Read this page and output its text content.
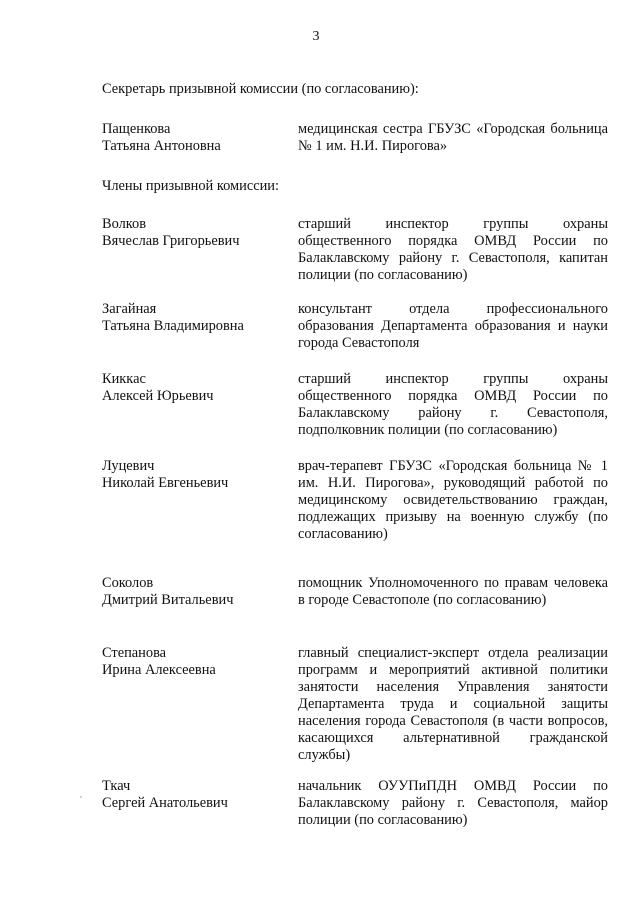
3
Секретарь призывной комиссии (по согласованию):
Пащенкова
Татьяна Антоновна
медицинская сестра ГБУЗС «Городская больница № 1 им. Н.И. Пирогова»
Члены призывной комиссии:
Волков
Вячеслав Григорьевич
старший инспектор группы охраны общественного порядка ОМВД России по Балаклавскому району г. Севастополя, капитан полиции (по согласованию)
Загайная
Татьяна Владимировна
консультант отдела профессионального образования Департамента образования и науки города Севастополя
Киккас
Алексей Юрьевич
старший инспектор группы охраны общественного порядка ОМВД России по Балаклавскому району г. Севастополя, подполковник полиции (по согласованию)
Луцевич
Николай Евгеньевич
врач-терапевт ГБУЗС «Городская больница № 1 им. Н.И. Пирогова», руководящий работой по медицинскому освидетельствованию граждан, подлежащих призыву на военную службу (по согласованию)
Соколов
Дмитрий Витальевич
помощник Уполномоченного по правам человека в городе Севастополе (по согласованию)
Степанова
Ирина Алексеевна
главный специалист-эксперт отдела реализации программ и мероприятий активной политики занятости населения Управления занятости Департамента труда и социальной защиты населения города Севастополя (в части вопросов, касающихся альтернативной гражданской службы)
Ткач
Сергей Анатольевич
начальник ОУУПиПДН ОМВД России по Балаклавскому району г. Севастополя, майор полиции (по согласованию)
